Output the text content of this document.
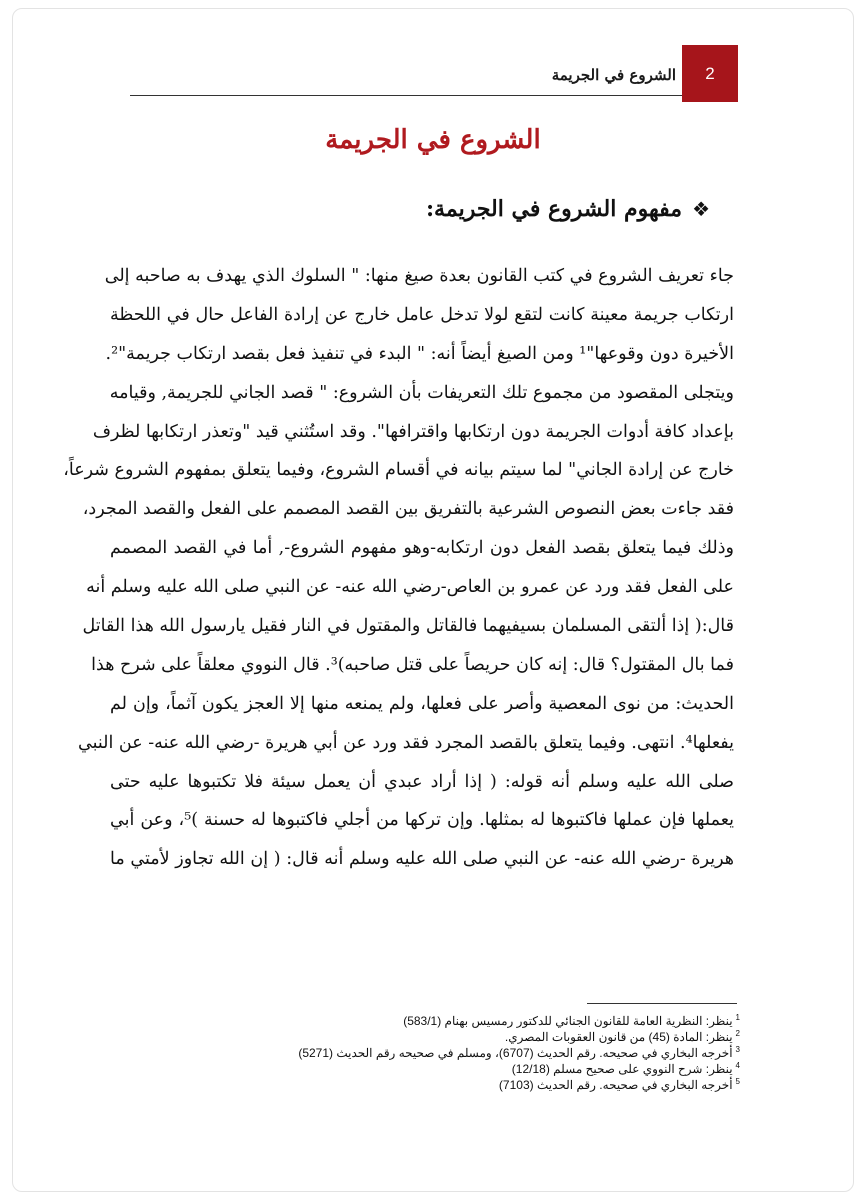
2
الشروع في الجريمة
الشروع في الجريمة
❖مفهوم الشروع في الجريمة:
جاء تعريف الشروع في كتب القانون بعدة صيغ منها: " السلوك الذي يهدف به صاحبه إلى
ارتكاب جريمة معينة كانت لتقع لولا تدخل عامل خارج عن إرادة الفاعل حال في اللحظة
الأخيرة دون وقوعها"¹ ومن الصيغ أيضاً أنه: " البدء في تنفيذ فعل بقصد ارتكاب جريمة"².
ويتجلى المقصود من مجموع تلك التعريفات بأن الشروع: " قصد الجاني للجريمة, وقيامه
بإعداد كافة أدوات الجريمة دون ارتكابها واقترافها". وقد استُثني قيد "وتعذر ارتكابها لظرف
خارج عن إرادة الجاني" لما سيتم بيانه في أقسام الشروع، وفيما يتعلق بمفهوم الشروع شرعاً،
فقد جاءت بعض النصوص الشرعية بالتفريق بين القصد المصمم على الفعل والقصد المجرد،
وذلك فيما يتعلق بقصد الفعل دون ارتكابه-وهو مفهوم الشروع-, أما في القصد المصمم
على الفعل فقد ورد عن عمرو بن العاص-رضي الله عنه- عن النبي صلى الله عليه وسلم أنه
قال:( إذا ألتقى المسلمان بسيفيهما فالقاتل والمقتول في النار فقيل يارسول الله هذا القاتل
فما بال المقتول؟ قال: إنه كان حريصاً على قتل صاحبه)³. قال النووي معلقاً على شرح هذا
الحديث: من نوى المعصية وأصر على فعلها، ولم يمنعه منها إلا العجز يكون آثماً، وإن لم
يفعلها⁴. انتهى. وفيما يتعلق بالقصد المجرد فقد ورد عن أبي هريرة -رضي الله عنه- عن النبي
صلى الله عليه وسلم أنه قوله: ( إذا أراد عبدي أن يعمل سيئة فلا تكتبوها عليه حتى
يعملها فإن عملها فاكتبوها له بمثلها. وإن تركها من أجلي فاكتبوها له حسنة )⁵، وعن أبي
هريرة -رضي الله عنه- عن النبي صلى الله عليه وسلم أنه قال: ( إن الله تجاوز لأمتي ما
$^1$ينظر: النظرية العامة للقانون الجنائي للدكتور رمسيس بهنام (583/1)
$^2$ينظر: المادة (45) من قانون العقوبات المصري.
$^3$أخرجه البخاري في صحيحه. رقم الحديث (6707)، ومسلم في صحيحه رقم الحديث (5271)
$^4$ينظر: شرح النووي على صحيح مسلم (12/18)
$^5$أخرجه البخاري في صحيحه. رقم الحديث (7103)
